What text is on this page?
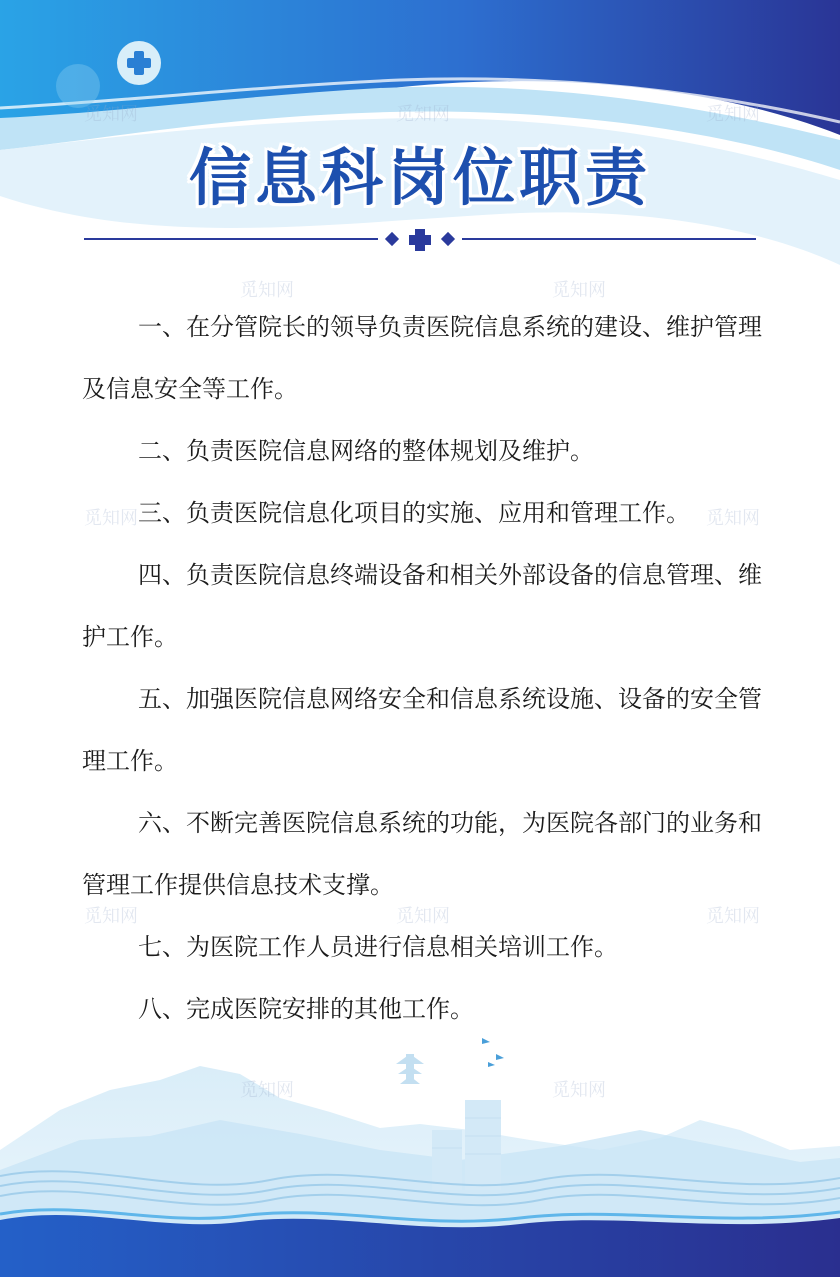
信息科岗位职责

一、在分管院长的领导负责医院信息系统的建设、维护管理及信息安全等工作。

二、负责医院信息网络的整体规划及维护。

三、负责医院信息化项目的实施、应用和管理工作。

四、负责医院信息终端设备和相关外部设备的信息管理、维护工作。

五、加强医院信息网络安全和信息系统设施、设备的安全管理工作。

六、不断完善医院信息系统的功能，为医院各部门的业务和管理工作提供信息技术支撑。

七、为医院工作人员进行信息相关培训工作。

八、完成医院安排的其他工作。

觅知网	觅知网	觅知网
觅知网	觅知网
觅知网	觅知网
觅知网	觅知网	觅知网
觅知网	觅知网
